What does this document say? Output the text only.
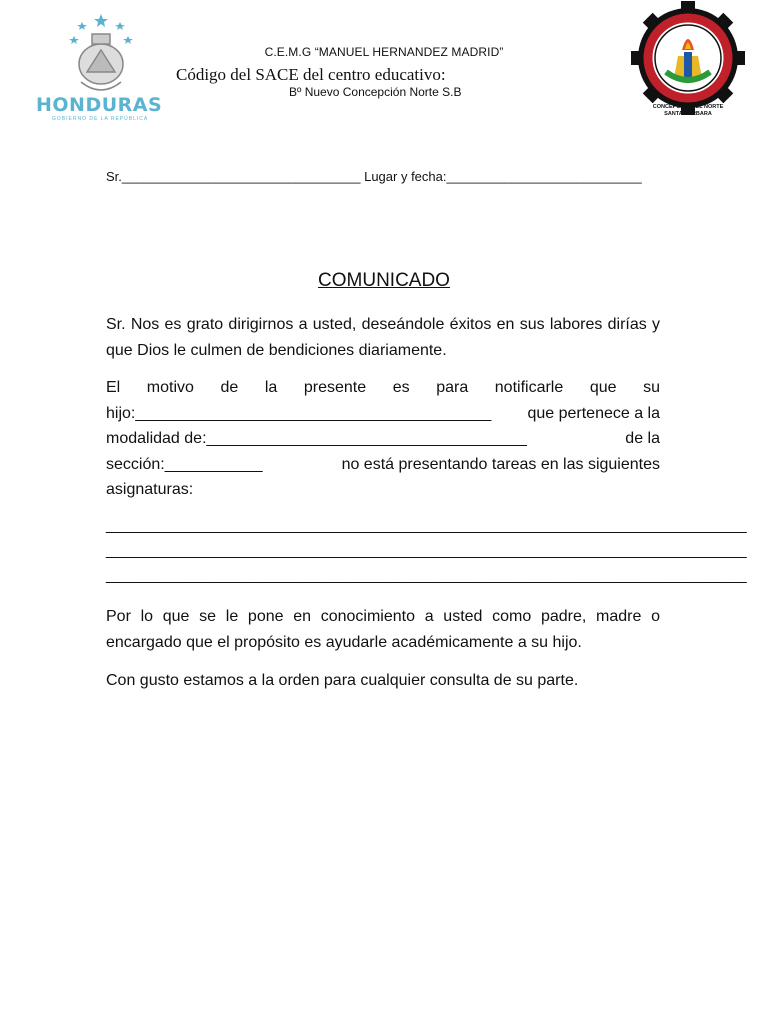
HONDURAS
GOBIERNO DE LA REPÚBLICA
C.E.M.G “MANUEL HERNANDEZ MADRID”
Código del SACE del centro educativo:
Bº Nuevo Concepción Norte S.B
CONCEPCIÓN DEL NORTE
SANTA BARBARA
Sr._________________________________ Lugar y fecha:___________________________
COMUNICADO
Sr. Nos es grato dirigirnos a usted, deseándole éxitos en sus labores dirías y que Dios le culmen de bendiciones diariamente.
El motivo de la presente es para notificarle que su
hijo:________________________________________ que pertenece a la
modalidad de:____________________________________	de la
sección:___________	no está presentando tareas en las siguientes
asignaturas:
________________________________________________________________________
________________________________________________________________________
________________________________________________________________________
Por lo que se le pone en conocimiento a usted como padre, madre o encargado que el propósito es ayudarle académicamente a su hijo.
Con gusto estamos a la orden para cualquier consulta de su parte.
